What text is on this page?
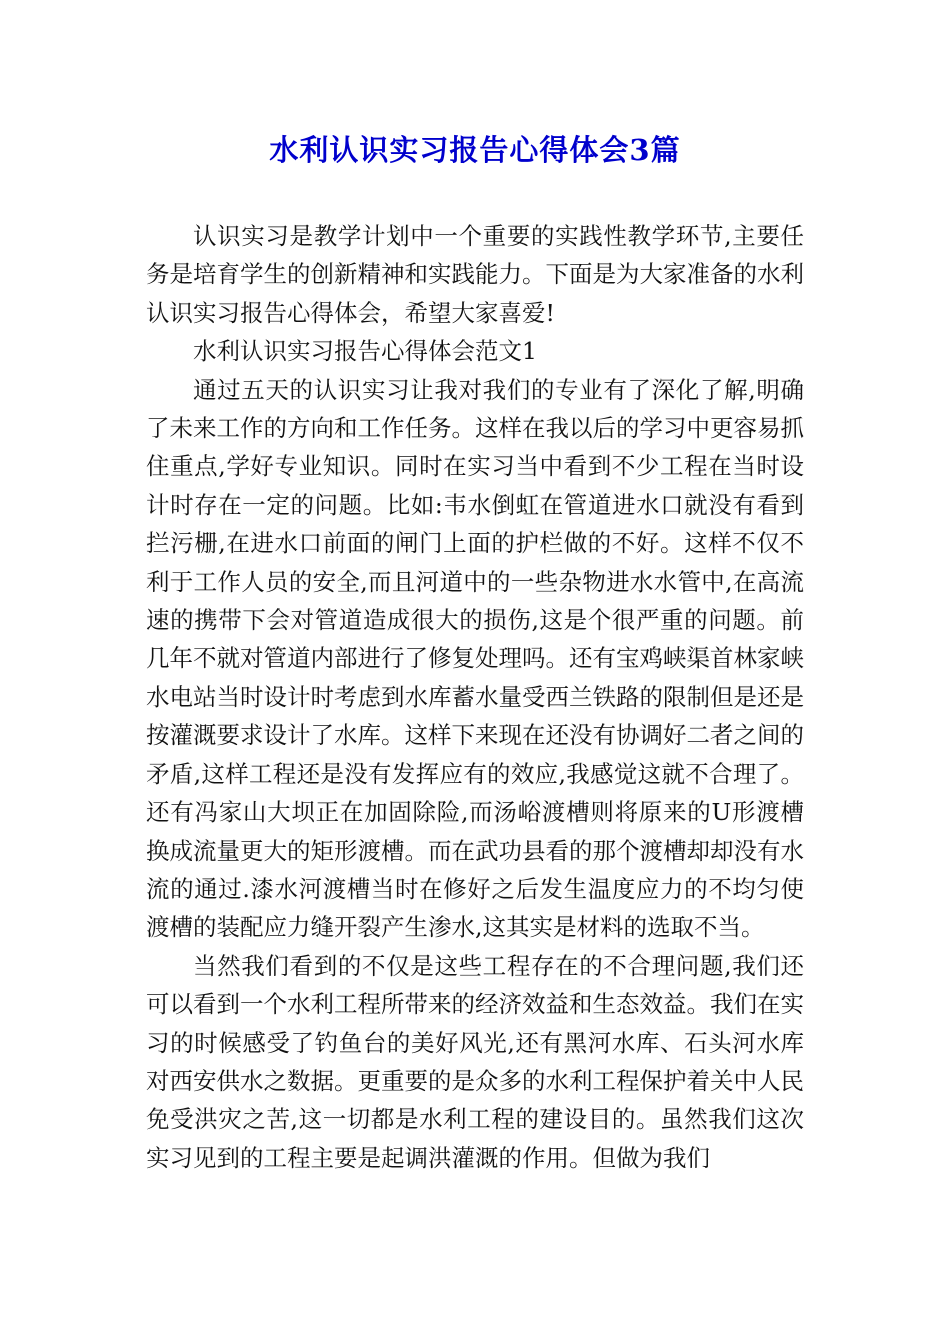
水利认识实习报告心得体会3篇

认识实习是教学计划中一个重要的实践性教学环节,主要任务是培育学生的创新精神和实践能力。下面是为大家准备的水利认识实习报告心得体会，希望大家喜爱!

水利认识实习报告心得体会范文1

通过五天的认识实习让我对我们的专业有了深化了解,明确了未来工作的方向和工作任务。这样在我以后的学习中更容易抓住重点,学好专业知识。同时在实习当中看到不少工程在当时设计时存在一定的问题。比如:韦水倒虹在管道进水口就没有看到拦污栅,在进水口前面的闸门上面的护栏做的不好。这样不仅不利于工作人员的安全,而且河道中的一些杂物进水水管中,在高流速的携带下会对管道造成很大的损伤,这是个很严重的问题。前几年不就对管道内部进行了修复处理吗。还有宝鸡峡渠首林家峡水电站当时设计时考虑到水库蓄水量受西兰铁路的限制但是还是按灌溉要求设计了水库。这样下来现在还没有协调好二者之间的矛盾,这样工程还是没有发挥应有的效应,我感觉这就不合理了。还有冯家山大坝正在加固除险,而汤峪渡槽则将原来的U形渡槽换成流量更大的矩形渡槽。而在武功县看的那个渡槽却却没有水流的通过.漆水河渡槽当时在修好之后发生温度应力的不均匀使渡槽的装配应力缝开裂产生渗水,这其实是材料的选取不当。

当然我们看到的不仅是这些工程存在的不合理问题,我们还可以看到一个水利工程所带来的经济效益和生态效益。我们在实习的时候感受了钓鱼台的美好风光,还有黑河水库、石头河水库对西安供水之数据。更重要的是众多的水利工程保护着关中人民免受洪灾之苦,这一切都是水利工程的建设目的。虽然我们这次实习见到的工程主要是起调洪灌溉的作用。但做为我们
